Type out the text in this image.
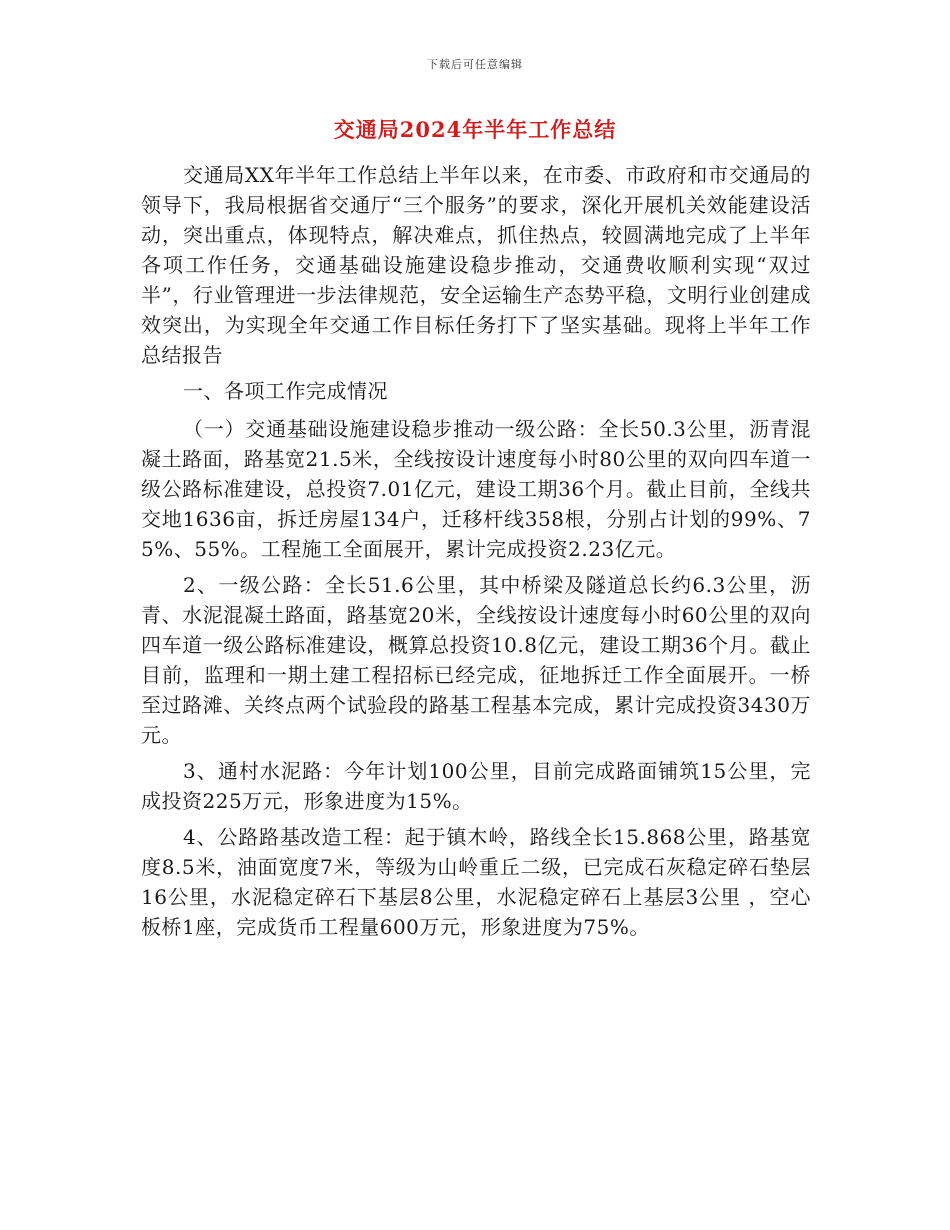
下载后可任意编辑
交通局2024年半年工作总结

交通局XX年半年工作总结上半年以来，在市委、市政府和市交通局的领导下，我局根据省交通厅“三个服务”的要求，深化开展机关效能建设活动，突出重点，体现特点，解决难点，抓住热点，较圆满地完成了上半年各项工作任务，交通基础设施建设稳步推动，交通费收顺利实现“双过半”，行业管理进一步法律规范，安全运输生产态势平稳，文明行业创建成效突出，为实现全年交通工作目标任务打下了坚实基础。现将上半年工作总结报告

一、各项工作完成情况

（一）交通基础设施建设稳步推动一级公路：全长50.3公里，沥青混凝土路面，路基宽21.5米，全线按设计速度每小时80公里的双向四车道一级公路标准建设，总投资7.01亿元，建设工期36个月。截止目前，全线共交地1636亩，拆迁房屋134户，迁移杆线358根，分别占计划的99%、75%、55%。工程施工全面展开，累计完成投资2.23亿元。

2、一级公路：全长51.6公里，其中桥梁及隧道总长约6.3公里，沥青、水泥混凝土路面，路基宽20米，全线按设计速度每小时60公里的双向四车道一级公路标准建设，概算总投资10.8亿元，建设工期36个月。截止目前，监理和一期土建工程招标已经完成，征地拆迁工作全面展开。一桥至过路滩、关终点两个试验段的路基工程基本完成，累计完成投资3430万元。

3、通村水泥路：今年计划100公里，目前完成路面铺筑15公里，完成投资225万元，形象进度为15%。

4、公路路基改造工程：起于镇木岭，路线全长15.868公里，路基宽度8.5米，油面宽度7米，等级为山岭重丘二级，已完成石灰稳定碎石垫层16公里，水泥稳定碎石下基层8公里，水泥稳定碎石上基层3公里 ，空心板桥1座，完成货币工程量600万元，形象进度为75%。
